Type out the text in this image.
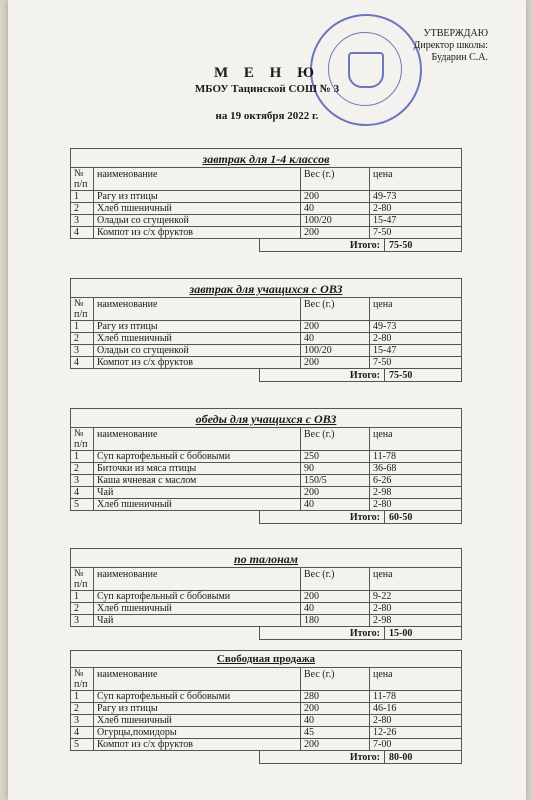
УТВЕРЖДАЮ
Директор школы:
Бударин С.А.
М Е Н Ю
МБОУ Тацинской СОШ № 3
на 19 октября 2022 г.
завтрак для 1-4 классов
№ п/п	наименование	Вес (г.)	цена
1	Рагу из птицы	200	49-73
2	Хлеб пшеничный	40	2-80
3	Оладьи со сгущенкой	100/20	15-47
4	Компот из с/х фруктов	200	7-50
Итого: 75-50
завтрак для учащихся с ОВЗ
№ п/п	наименование	Вес (г.)	цена
1	Рагу из птицы	200	49-73
2	Хлеб пшеничный	40	2-80
3	Оладьи со сгущенкой	100/20	15-47
4	Компот из с/х фруктов	200	7-50
Итого: 75-50
обеды для учащихся с ОВЗ
№ п/п	наименование	Вес (г.)	цена
1	Суп картофельный с бобовыми	250	11-78
2	Биточки из мяса птицы	90	36-68
3	Каша ячневая с маслом	150/5	6-26
4	Чай	200	2-98
5	Хлеб пшеничный	40	2-80
Итого: 60-50
по талонам
№ п/п	наименование	Вес (г.)	цена
1	Суп картофельный с бобовыми	200	9-22
2	Хлеб пшеничный	40	2-80
3	Чай	180	2-98
Итого: 15-00
Свободная продажа
№ п/п	наименование	Вес (г.)	цена
1	Суп картофельный с бобовыми	280	11-78
2	Рагу из птицы	200	46-16
3	Хлеб пшеничный	40	2-80
4	Огурцы,помидоры	45	12-26
5	Компот из с/х фруктов	200	7-00
Итого: 80-00
